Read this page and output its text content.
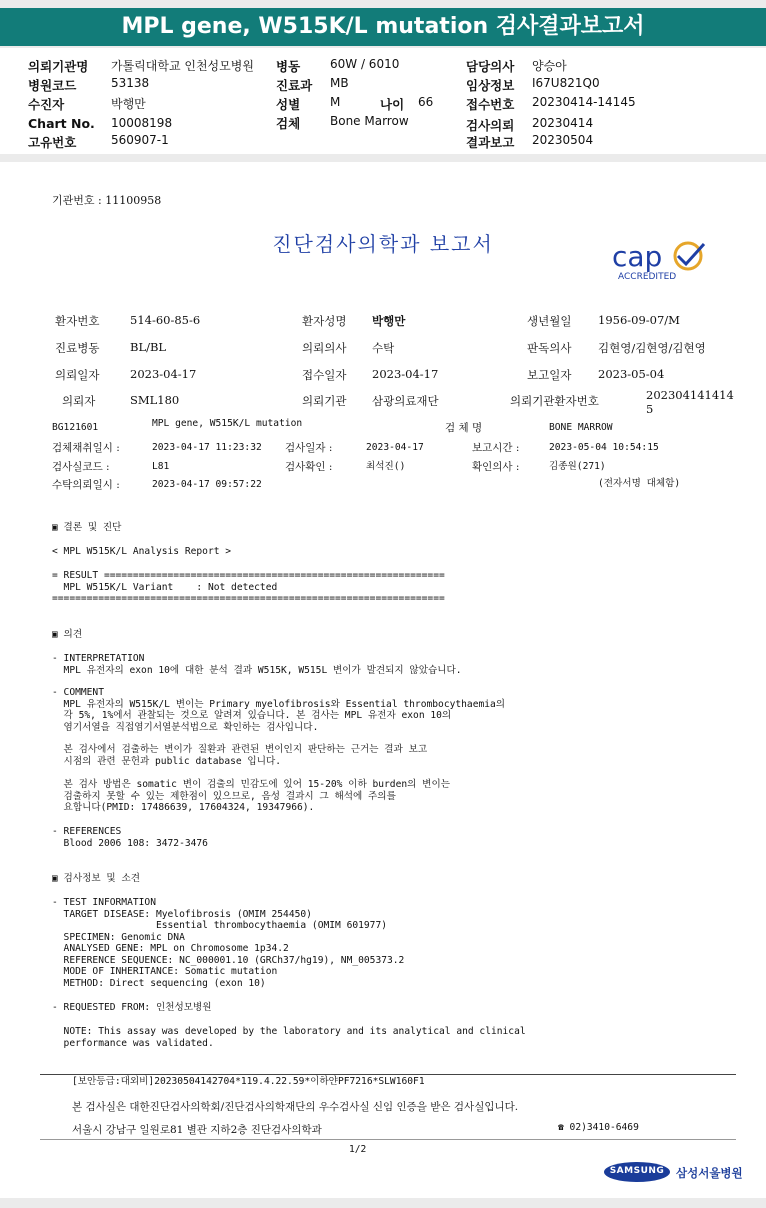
MPL gene, W515K/L mutation 검사결과보고서
의뢰기관명 가톨릭대학교 인천성모병원
병원코드	53138
수진자	박행만
Chart No. 10008198
고유번호	560907-1
병동 60W / 6010
진료과 MB
성별 M	나이 66
검체 Bone Marrow
담당의사 양승아
임상정보 I67U821Q0
접수번호 20230414-14145
검사의뢰 20230414
결과보고 20230504
기관번호 : 11100958
진단검사의학과 보고서	cap
ACCREDITED
환자번호	514-60-85-6	환자성명 박행만	생년월일 1956-09-07/M
진료병동	BL/BL	의뢰의사 수탁	판독의사 김현영/김현영/김현영
의뢰일자	2023-04-17	접수일자 2023-04-17	보고일자 2023-05-04
의뢰자	SML180	의뢰기관 삼광의료재단	의뢰기관환자번호	202304141414
5
BG121601	MPL gene, W515K/L mutation	검 체 명	BONE MARROW
검체채취일시 :	2023-04-17 11:23:32 검사일자 :	2023-04-17	보고시간 :	2023-05-04 10:54:15
검사실코드 :	L81	검사확인 :	최석진()	확인의사 :	김종원(271)
수탁의뢰일시 :	2023-04-17 09:57:22	(전자서명 대체함)
▣ 결론 및 진단
< MPL W515K/L Analysis Report >
= RESULT ===========================================================
MPL W515K/L Variant    : Not detected
====================================================================
▣ 의견
- INTERPRETATION
MPL 유전자의 exon 10에 대한 분석 결과 W515K, W515L 변이가 발견되지 않았습니다.
- COMMENT
MPL 유전자의 W515K/L 변이는 Primary myelofibrosis와 Essential thrombocythaemia의
각 5%, 1%에서 관찰되는 것으로 알려져 있습니다. 본 검사는 MPL 유전자 exon 10의
염기서열을 직접염기서열분석법으로 확인하는 검사입니다.
본 검사에서 검출하는 변이가 질환과 관련된 변이인지 판단하는 근거는 결과 보고
시점의 관련 문헌과 public database 입니다.
본 검사 방법은 somatic 변이 검출의 민감도에 있어 15-20% 이하 burden의 변이는
검출하지 못할 수 있는 제한점이 있으므로, 음성 결과시 그 해석에 주의를
요합니다(PMID: 17486639, 17604324, 19347966).
- REFERENCES
Blood 2006 108: 3472-3476
▣ 검사정보 및 소견
- TEST INFORMATION
TARGET DISEASE: Myelofibrosis (OMIM 254450)
Essential thrombocythaemia (OMIM 601977)
SPECIMEN: Genomic DNA
ANALYSED GENE: MPL on Chromosome 1p34.2
REFERENCE SEQUENCE: NC_000001.10 (GRCh37/hg19), NM_005373.2
MODE OF INHERITANCE: Somatic mutation
METHOD: Direct sequencing (exon 10)
- REQUESTED FROM: 인천성모병원
NOTE: This assay was developed by the laboratory and its analytical and clinical
performance was validated.
[보안등급:대외비]20230504142704*119.4.22.59*이하얀PF7216*SLW160F1
본 검사실은 대한진단검사의학회/진단검사의학재단의 우수검사실 신임 인증을 받은 검사실입니다.
서울시 강남구 일원로81 별관 지하2층 진단검사의학과	☎ 02)3410-6469
1/2
SAMSUNG	삼성서울병원
